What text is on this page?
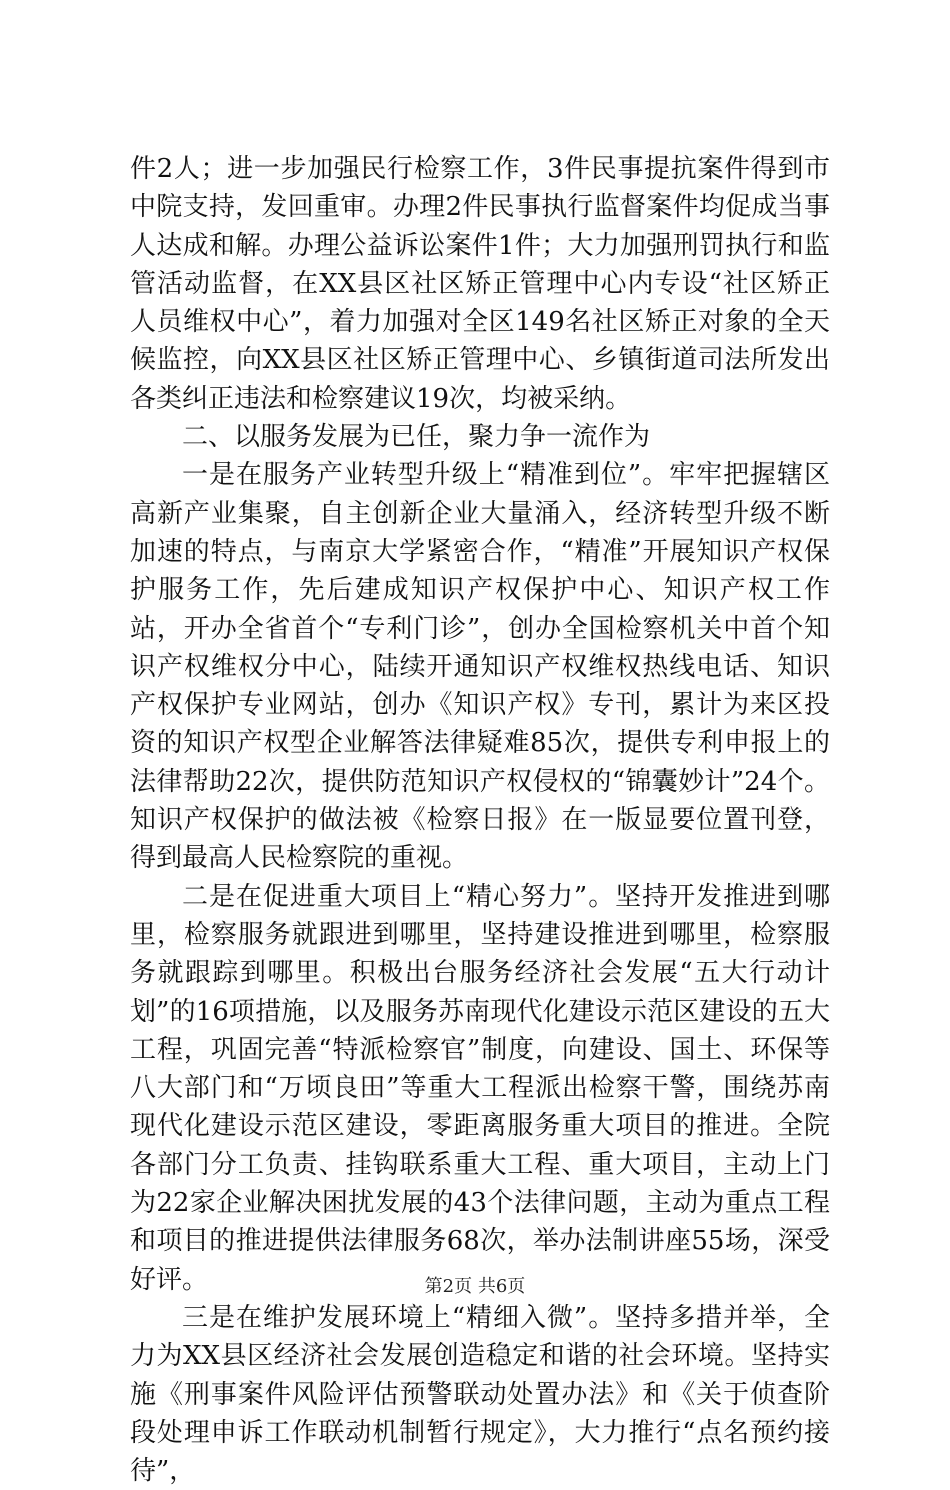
件2人；进一步加强民行检察工作，3件民事提抗案件得到市中院支持，发回重审。办理2件民事执行监督案件均促成当事人达成和解。办理公益诉讼案件1件；大力加强刑罚执行和监管活动监督，在XX县区社区矫正管理中心内专设“社区矫正人员维权中心”，着力加强对全区149名社区矫正对象的全天候监控，向XX县区社区矫正管理中心、乡镇街道司法所发出各类纠正违法和检察建议19次，均被采纳。

二、以服务发展为已任，聚力争一流作为

一是在服务产业转型升级上“精准到位”。牢牢把握辖区高新产业集聚，自主创新企业大量涌入，经济转型升级不断加速的特点，与南京大学紧密合作，“精准”开展知识产权保护服务工作，先后建成知识产权保护中心、知识产权工作站，开办全省首个“专利门诊”，创办全国检察机关中首个知识产权维权分中心，陆续开通知识产权维权热线电话、知识产权保护专业网站，创办《知识产权》专刊，累计为来区投资的知识产权型企业解答法律疑难85次，提供专利申报上的法律帮助22次，提供防范知识产权侵权的“锦囊妙计”24个。知识产权保护的做法被《检察日报》在一版显要位置刊登，得到最高人民检察院的重视。

二是在促进重大项目上“精心努力”。坚持开发推进到哪里，检察服务就跟进到哪里，坚持建设推进到哪里，检察服务就跟踪到哪里。积极出台服务经济社会发展“五大行动计划”的16项措施，以及服务苏南现代化建设示范区建设的五大工程，巩固完善“特派检察官”制度，向建设、国土、环保等八大部门和“万顷良田”等重大工程派出检察干警，围绕苏南现代化建设示范区建设，零距离服务重大项目的推进。全院各部门分工负责、挂钩联系重大工程、重大项目，主动上门为22家企业解决困扰发展的43个法律问题，主动为重点工程和项目的推进提供法律服务68次，举办法制讲座55场，深受好评。

三是在维护发展环境上“精细入微”。坚持多措并举，全力为XX县区经济社会发展创造稳定和谐的社会环境。坚持实施《刑事案件风险评估预警联动处置办法》和《关于侦查阶段处理申诉工作联动机制暂行规定》，大力推行“点名预约接待”，

第2页 共6页
